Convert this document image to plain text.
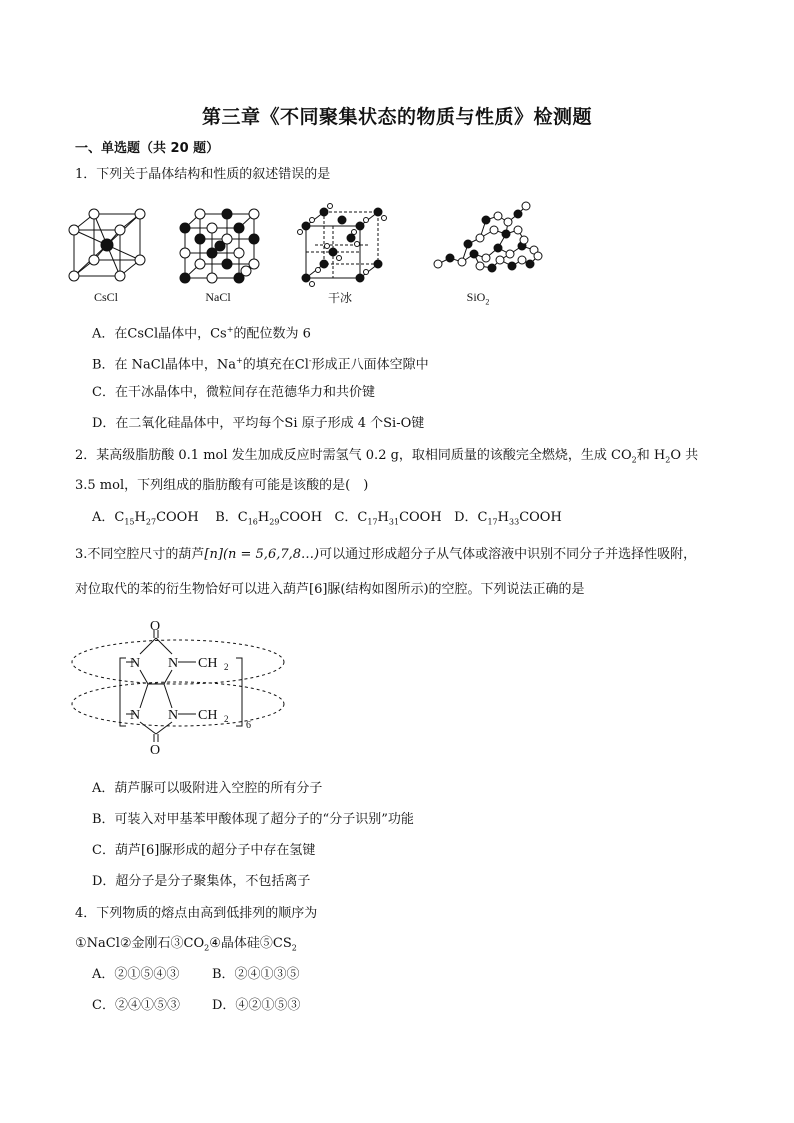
第三章《不同聚集状态的物质与性质》检测题
一、单选题（共 20 题）
1．下列关于晶体结构和性质的叙述错误的是
CsCl	NaCl	干冰	SiO$_2$
A．在CsCl晶体中，Cs+的配位数为 6
B．在 NaCl晶体中，Na+的填充在Cl-形成正八面体空隙中
C．在干冰晶体中，微粒间存在范德华力和共价键
D．在二氧化硅晶体中，平均每个Si 原子形成 4 个Si-O键
2．某高级脂肪酸 0.1 mol 发生加成反应时需氢气 0.2 g，取相同质量的该酸完全燃烧，生成 $CO_2$和 $H_2O$ 共
3.5 mol，下列组成的脂肪酸有可能是该酸的是(　)
A．$C_{15}H_{27}COOH$ B．$C_{16}H_{29}COOH$ C．$C_{17}H_{31}COOH$ D．$C_{17}H_{33}COOH$
3.不同空腔尺寸的葫芦[n](n = 5,6,7,8…)可以通过形成超分子从气体或溶液中识别不同分子并选择性吸附，
对位取代的苯的衍生物恰好可以进入葫芦[6]脲(结构如图所示)的空腔。下列说法正确的是
O
N N CH 2
N N CH 2
6
O
A．葫芦脲可以吸附进入空腔的所有分子
B．可装入对甲基苯甲酸体现了超分子的“分子识别”功能
C．葫芦[6]脲形成的超分子中存在氢键
D．超分子是分子聚集体，不包括离子
4．下列物质的熔点由高到低排列的顺序为
①NaCl②金刚石$③CO_2④$晶体硅$⑤CS_2$
A．②①⑤④③	B．②④①③⑤
C．②④①⑤③ D．④②①⑤③
